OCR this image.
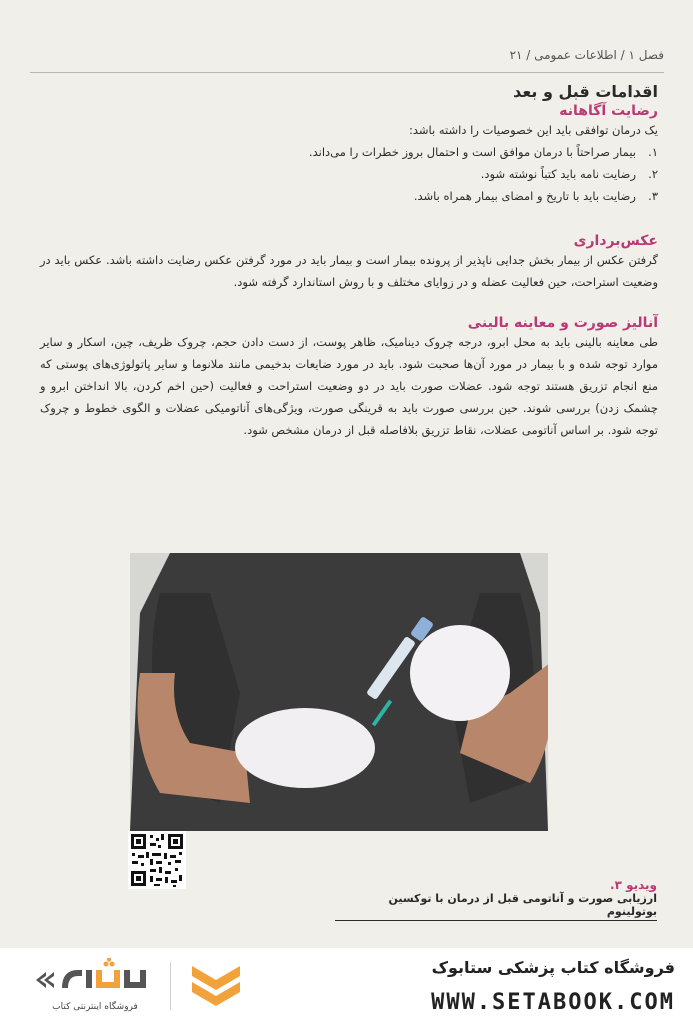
فصل ۱ / اطلاعات عمومی / ۲۱
اقدامات قبل و بعد
رضایت آگاهانه

یک درمان توافقی باید این خصوصیات را داشته باشد:

۱.
بیمار صراحتاً با درمان موافق است و احتمال بروز خطرات را می‌داند.
۲.
رضایت نامه باید کتباً نوشته شود.
۳.
رضایت باید با تاریخ و امضای بیمار همراه باشد.
عکس‌برداری

گرفتن عکس از بیمار بخش جدایی ناپذیر از پرونده بیمار است و بیمار باید در مورد گرفتن عکس رضایت داشته باشد. عکس باید در وضعیت استراحت، حین فعالیت عضله و در زوایای مختلف و با روش استاندارد گرفته شود.

آنالیز صورت و معاینه بالینی

طی معاینه بالینی باید به محل ابرو، درجه چروک دینامیک، ظاهر پوست، از دست دادن حجم، چروک ظریف، چین، اسکار و سایر موارد توجه شده و با بیمار در مورد آن‌ها صحبت شود. باید در مورد ضایعات بدخیمی مانند ملانوما و سایر پاتولوژی‌های پوستی که منع انجام تزریق هستند توجه شود. عضلات صورت باید در دو وضعیت استراحت و فعالیت (حین اخم کردن، بالا انداختن ابرو و چشمک زدن) بررسی شوند. حین بررسی صورت باید به قرینگی صورت، ویژگی‌های آناتومیکی عضلات و الگوی خطوط و چروک توجه شود. بر اساس آناتومی عضلات، نقاط تزریق بلافاصله قبل از درمان مشخص شود.

ویدیو ۳.
ارزیابی صورت و آناتومی قبل از درمان با توکسین بوتولینوم
فروشگاه کتاب پزشکی ستابوک
WWW.SETABOOK.COM
فروشگاه اینترنتی کتاب
